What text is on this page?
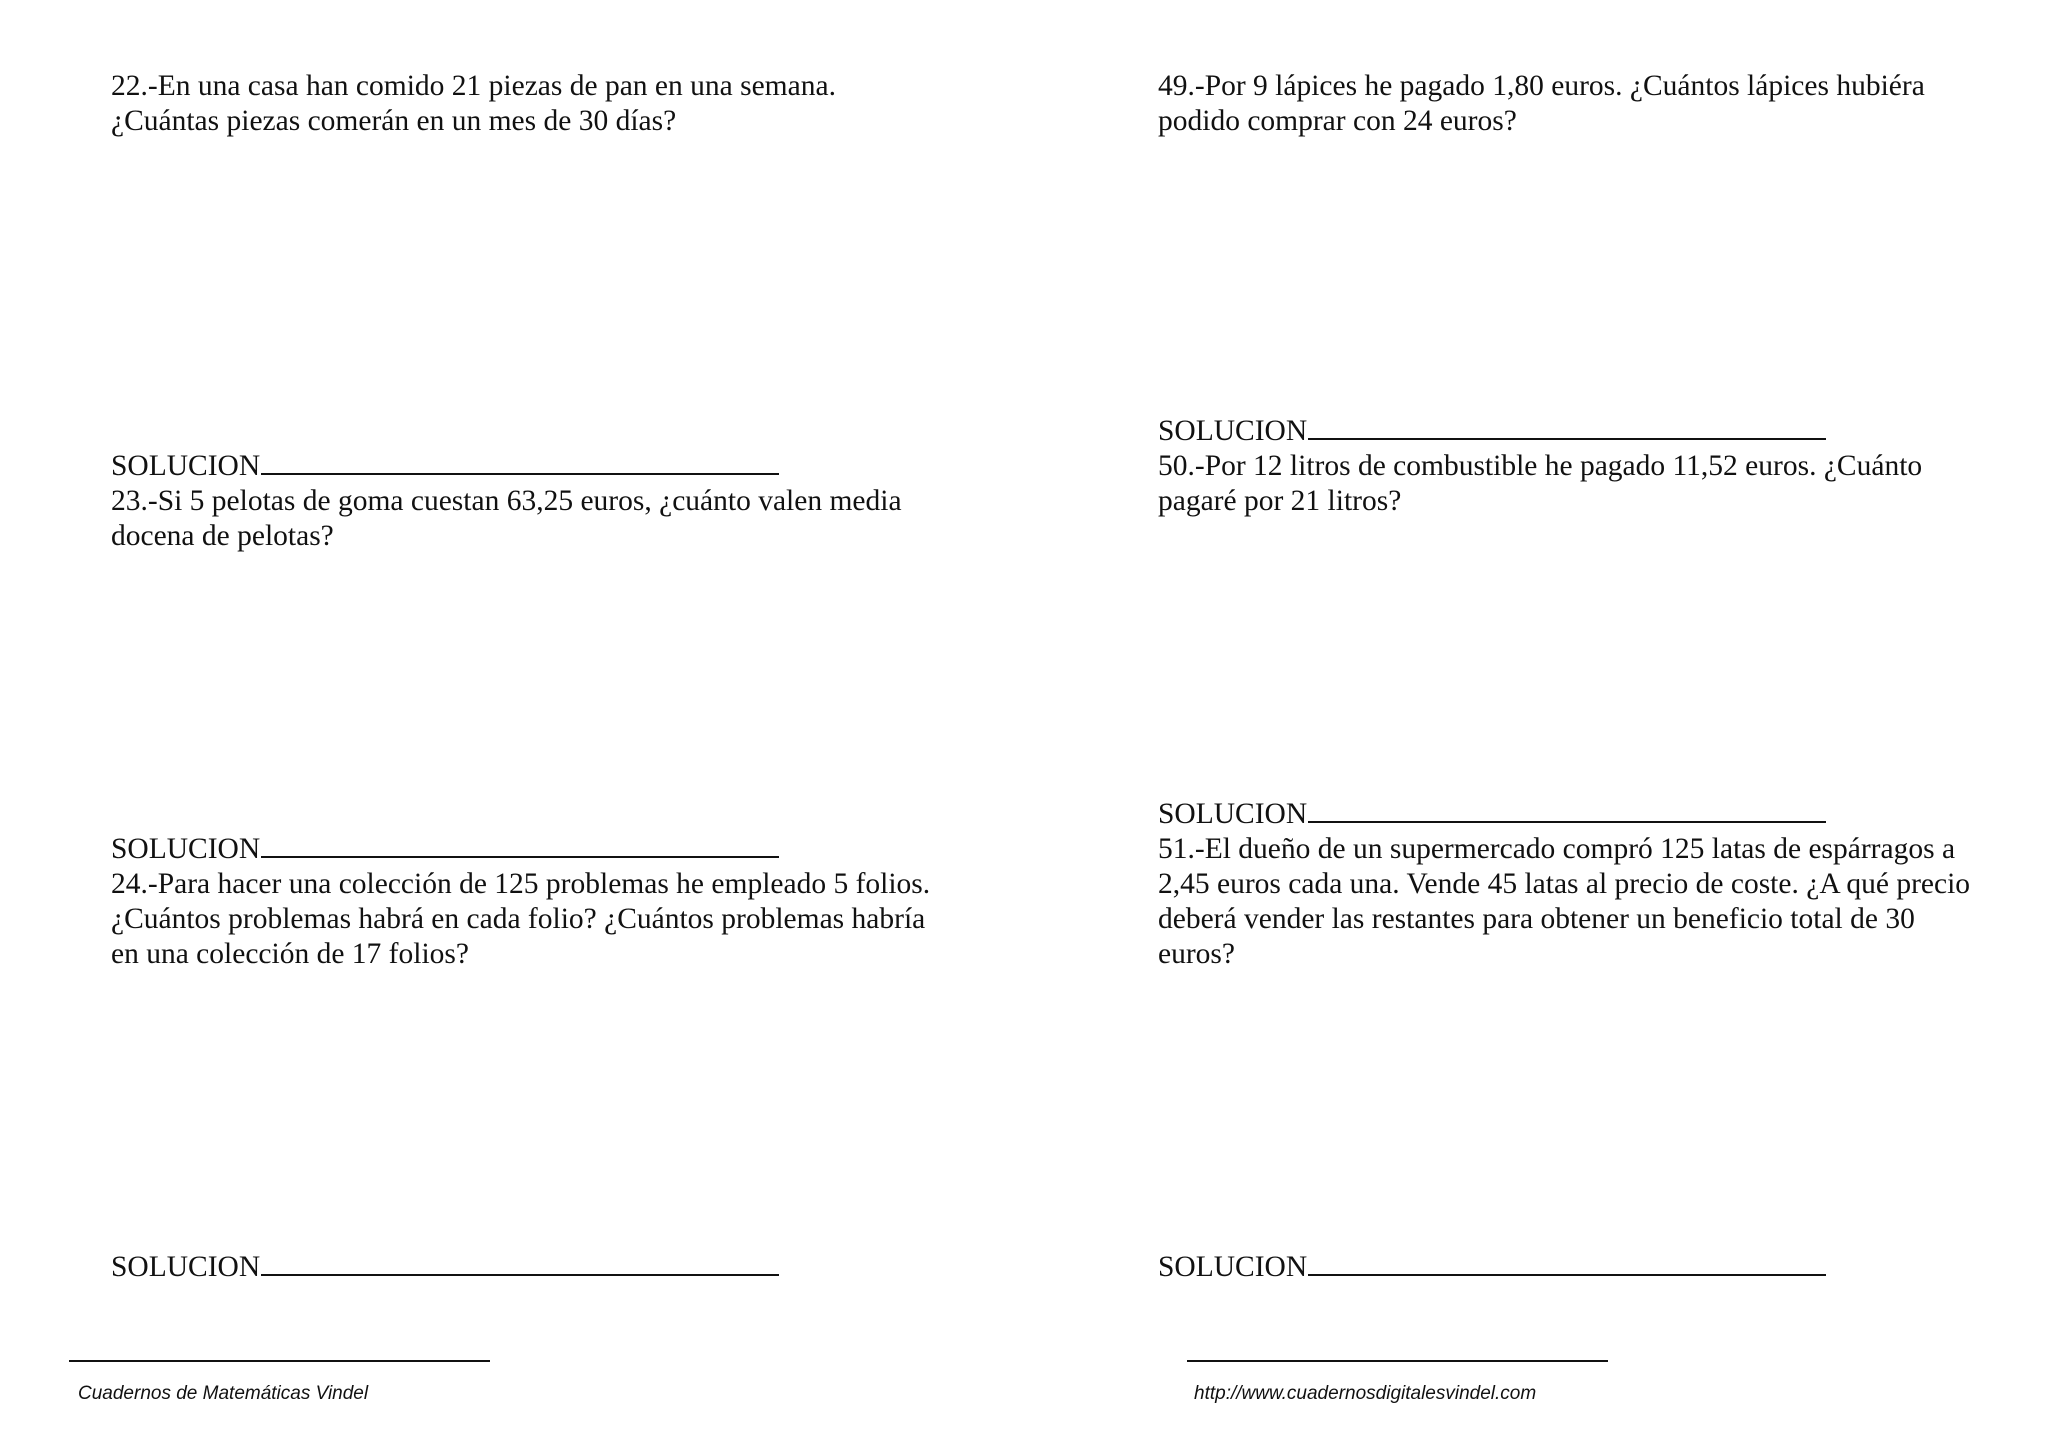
22.-En una casa han comido 21 piezas de pan en una semana.
¿Cuántas piezas comerán en un mes de 30 días?
SOLUCION
23.-Si 5 pelotas de goma cuestan 63,25 euros, ¿cuánto valen media
docena de pelotas?
SOLUCION
24.-Para hacer una colección de 125 problemas he empleado 5 folios.
¿Cuántos problemas habrá en cada folio? ¿Cuántos problemas habría
en una colección de 17 folios?
SOLUCION
49.-Por 9 lápices he pagado 1,80 euros. ¿Cuántos lápices hubiéra
podido comprar con 24 euros?
SOLUCION
50.-Por 12 litros de combustible he pagado 11,52 euros. ¿Cuánto
pagaré por 21 litros?
SOLUCION
51.-El dueño de un supermercado compró 125 latas de espárragos a
2,45 euros cada una. Vende 45 latas al precio de coste. ¿A qué precio
deberá vender las restantes para obtener un beneficio total de 30
euros?
SOLUCION
Cuadernos de Matemáticas Vindel	http://www.cuadernosdigitalesvindel.com
